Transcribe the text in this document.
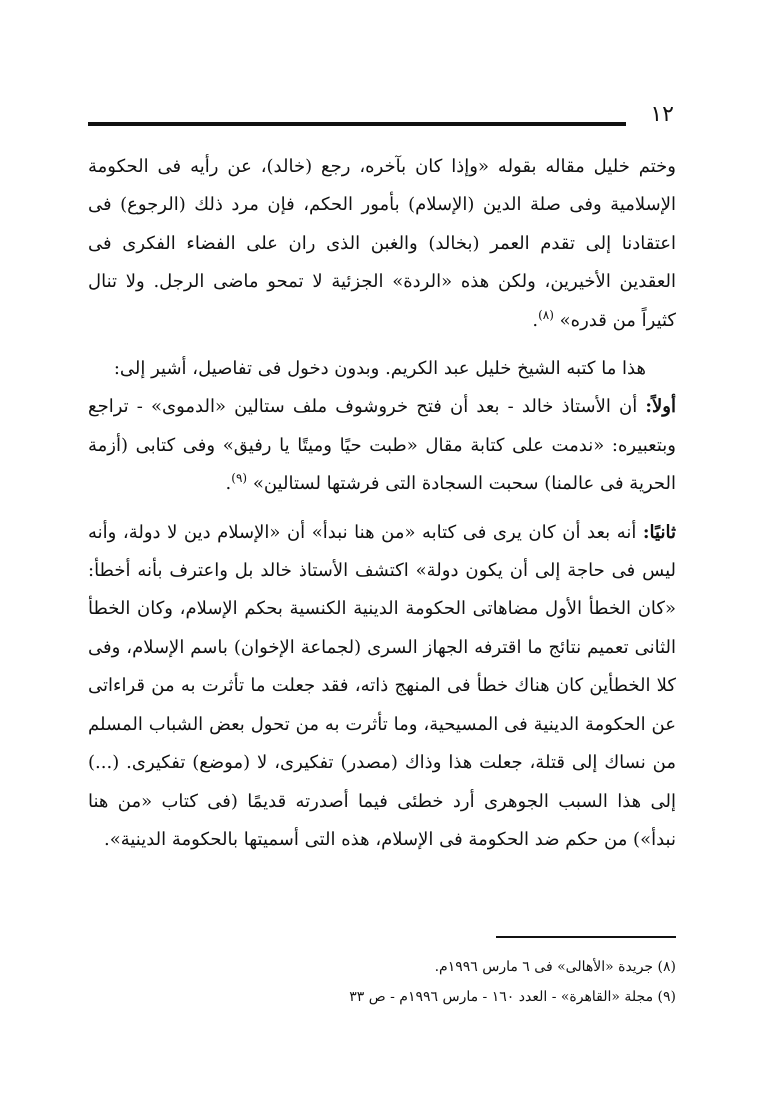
١٢

وختم خليل مقاله بقوله «وإذا كان بآخره، رجع (خالد)، عن رأيه فى الحكومة الإسلامية وفى صلة الدين (الإسلام) بأمور الحكم، فإن مرد ذلك (الرجوع) فى اعتقادنا إلى تقدم العمر (بخالد) والغبن الذى ران على الفضاء الفكرى فى العقدين الأخيرين، ولكن هذه «الردة» الجزئية لا تمحو ماضى الرجل. ولا تنال كثيراً من قدره» $^{(٨)}$.

هذا ما كتبه الشيخ خليل عبد الكريم. وبدون دخول فى تفاصيل، أشير إلى:

أولاً: أن الأستاذ خالد - بعد أن فتح خروشوف ملف ستالين «الدموى» - تراجع وبتعبيره: «ندمت على كتابة مقال «طبت حيًا وميتًا يا رفيق» وفى كتابى (أزمة الحرية فى عالمنا) سحبت السجادة التى فرشتها لستالين» $^{(٩)}$.

ثانيًا: أنه بعد أن كان يرى فى كتابه «من هنا نبدأ» أن «الإسلام دين لا دولة، وأنه ليس فى حاجة إلى أن يكون دولة» اكتشف الأستاذ خالد بل واعترف بأنه أخطأ: «كان الخطأ الأول مضاهاتى الحكومة الدينية الكنسية بحكم الإسلام، وكان الخطأ الثانى تعميم نتائج ما اقترفه الجهاز السرى (لجماعة الإخوان) باسم الإسلام، وفى كلا الخطأين كان هناك خطأ فى المنهج ذاته، فقد جعلت ما تأثرت به من قراءاتى عن الحكومة الدينية فى المسيحية، وما تأثرت به من تحول بعض الشباب المسلم من نساك إلى قتلة، جعلت هذا وذاك (مصدر) تفكيرى، لا (موضع) تفكيرى. (...) إلى هذا السبب الجوهرى أرد خطئى فيما أصدرته قديمًا (فى كتاب «من هنا نبدأ») من حكم ضد الحكومة فى الإسلام، هذه التى أسميتها بالحكومة الدينية».

(٨) جريدة «الأهالى» فى ٦ مارس ١٩٩٦م.

(٩) مجلة «القاهرة» - العدد ١٦٠ - مارس ١٩٩٦م - ص ٣٣
